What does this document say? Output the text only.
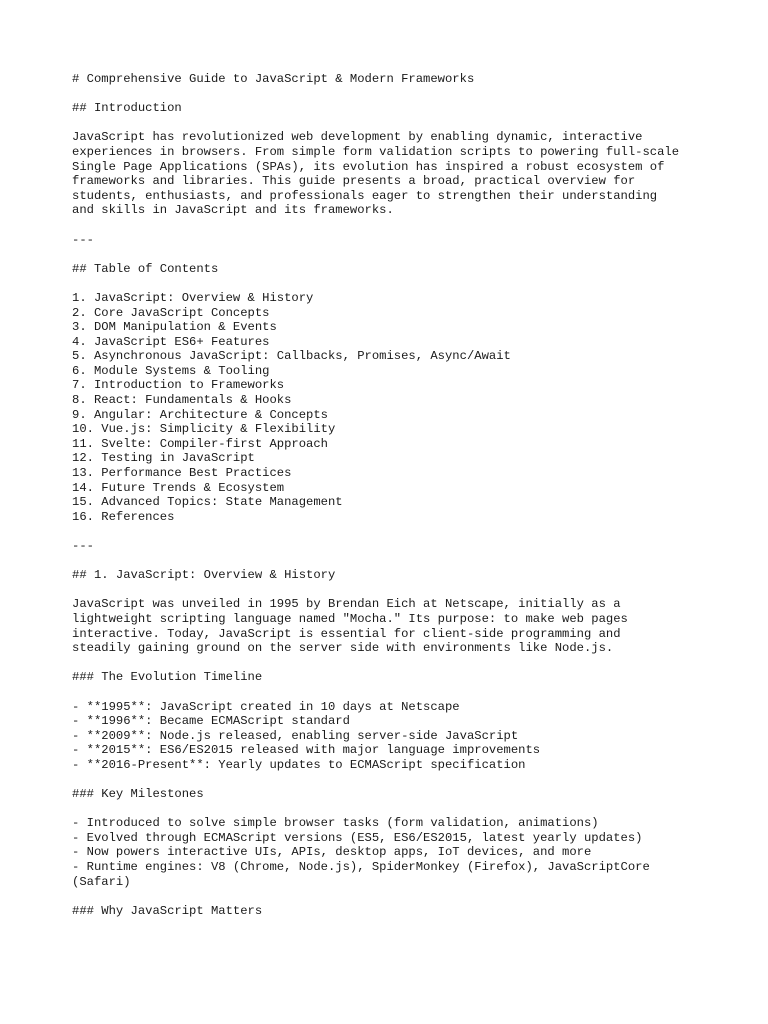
# Comprehensive Guide to JavaScript & Modern Frameworks
## Introduction
JavaScript has revolutionized web development by enabling dynamic, interactive
experiences in browsers. From simple form validation scripts to powering full-scale
Single Page Applications (SPAs), its evolution has inspired a robust ecosystem of
frameworks and libraries. This guide presents a broad, practical overview for
students, enthusiasts, and professionals eager to strengthen their understanding
and skills in JavaScript and its frameworks.
---
## Table of Contents
1. JavaScript: Overview & History
2. Core JavaScript Concepts
3. DOM Manipulation & Events
4. JavaScript ES6+ Features
5. Asynchronous JavaScript: Callbacks, Promises, Async/Await
6. Module Systems & Tooling
7. Introduction to Frameworks
8. React: Fundamentals & Hooks
9. Angular: Architecture & Concepts
10. Vue.js: Simplicity & Flexibility
11. Svelte: Compiler-first Approach
12. Testing in JavaScript
13. Performance Best Practices
14. Future Trends & Ecosystem
15. Advanced Topics: State Management
16. References
---
## 1. JavaScript: Overview & History
JavaScript was unveiled in 1995 by Brendan Eich at Netscape, initially as a
lightweight scripting language named "Mocha." Its purpose: to make web pages
interactive. Today, JavaScript is essential for client-side programming and
steadily gaining ground on the server side with environments like Node.js.
### The Evolution Timeline
- **1995**: JavaScript created in 10 days at Netscape
- **1996**: Became ECMAScript standard
- **2009**: Node.js released, enabling server-side JavaScript
- **2015**: ES6/ES2015 released with major language improvements
- **2016-Present**: Yearly updates to ECMAScript specification
### Key Milestones
- Introduced to solve simple browser tasks (form validation, animations)
- Evolved through ECMAScript versions (ES5, ES6/ES2015, latest yearly updates)
- Now powers interactive UIs, APIs, desktop apps, IoT devices, and more
- Runtime engines: V8 (Chrome, Node.js), SpiderMonkey (Firefox), JavaScriptCore
(Safari)
### Why JavaScript Matters
